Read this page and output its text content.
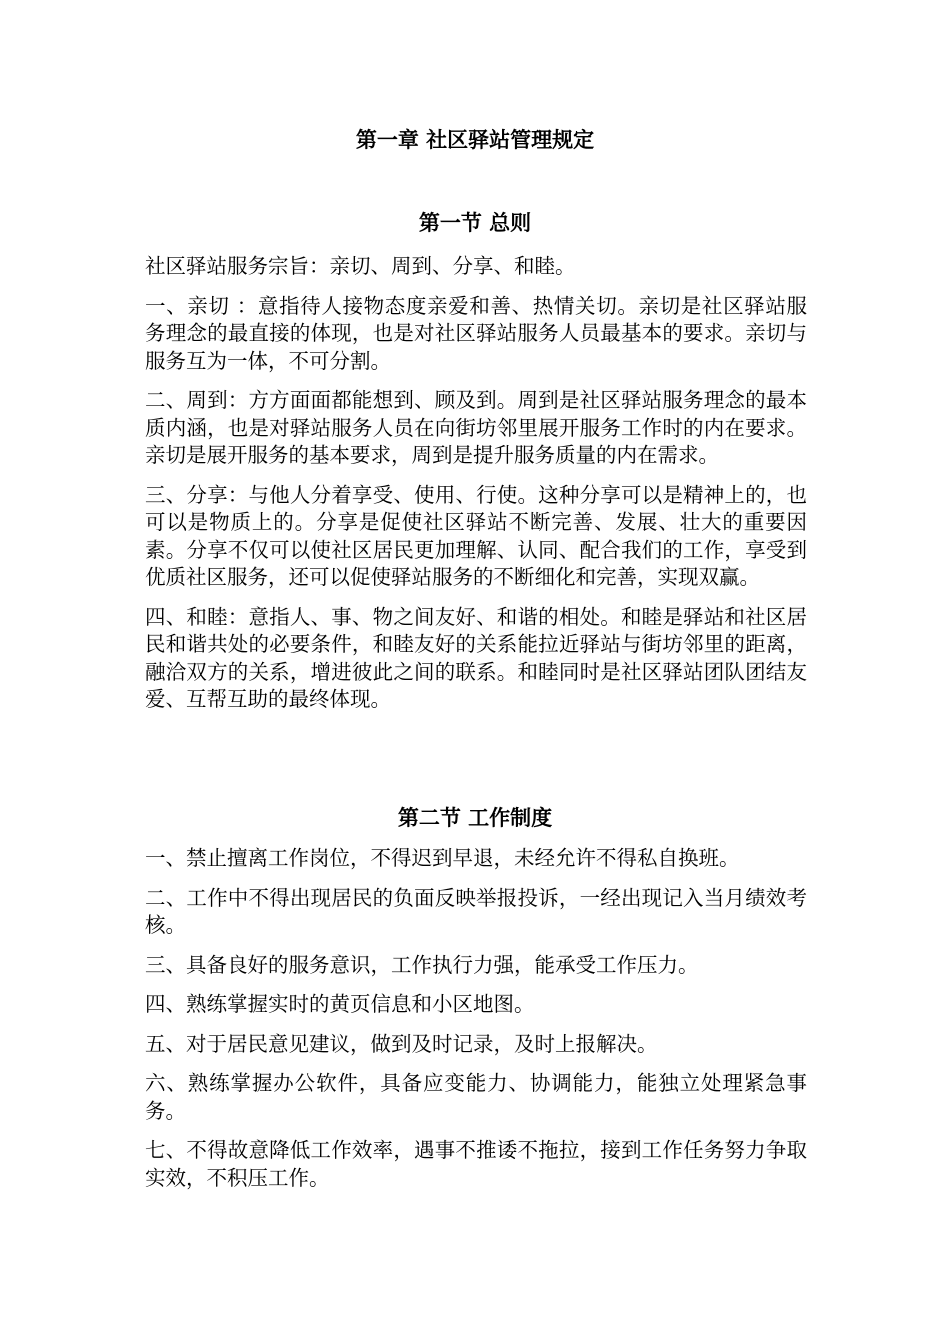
第一章 社区驿站管理规定
第一节 总则

社区驿站服务宗旨：亲切、周到、分享、和睦。

一、亲切 ：意指待人接物态度亲爱和善、热情关切。亲切是社区驿站服务理念的最直接的体现，也是对社区驿站服务人员最基本的要求。亲切与服务互为一体，不可分割。

二、周到：方方面面都能想到、顾及到。周到是社区驿站服务理念的最本质内涵，也是对驿站服务人员在向街坊邻里展开服务工作时的内在要求。亲切是展开服务的基本要求，周到是提升服务质量的内在需求。

三、分享：与他人分着享受、使用、行使。这种分享可以是精神上的，也可以是物质上的。分享是促使社区驿站不断完善、发展、壮大的重要因素。分享不仅可以使社区居民更加理解、认同、配合我们的工作，享受到优质社区服务，还可以促使驿站服务的不断细化和完善，实现双赢。

四、和睦：意指人、事、物之间友好、和谐的相处。和睦是驿站和社区居民和谐共处的必要条件，和睦友好的关系能拉近驿站与街坊邻里的距离，融洽双方的关系，增进彼此之间的联系。和睦同时是社区驿站团队团结友爱、互帮互助的最终体现。

第二节 工作制度

一、禁止擅离工作岗位，不得迟到早退，未经允许不得私自换班。

二、工作中不得出现居民的负面反映举报投诉，一经出现记入当月绩效考核。

三、具备良好的服务意识，工作执行力强，能承受工作压力。

四、熟练掌握实时的黄页信息和小区地图。

五、对于居民意见建议，做到及时记录，及时上报解决。

六、熟练掌握办公软件，具备应变能力、协调能力，能独立处理紧急事务。

七、不得故意降低工作效率，遇事不推诿不拖拉，接到工作任务努力争取实效，不积压工作。
